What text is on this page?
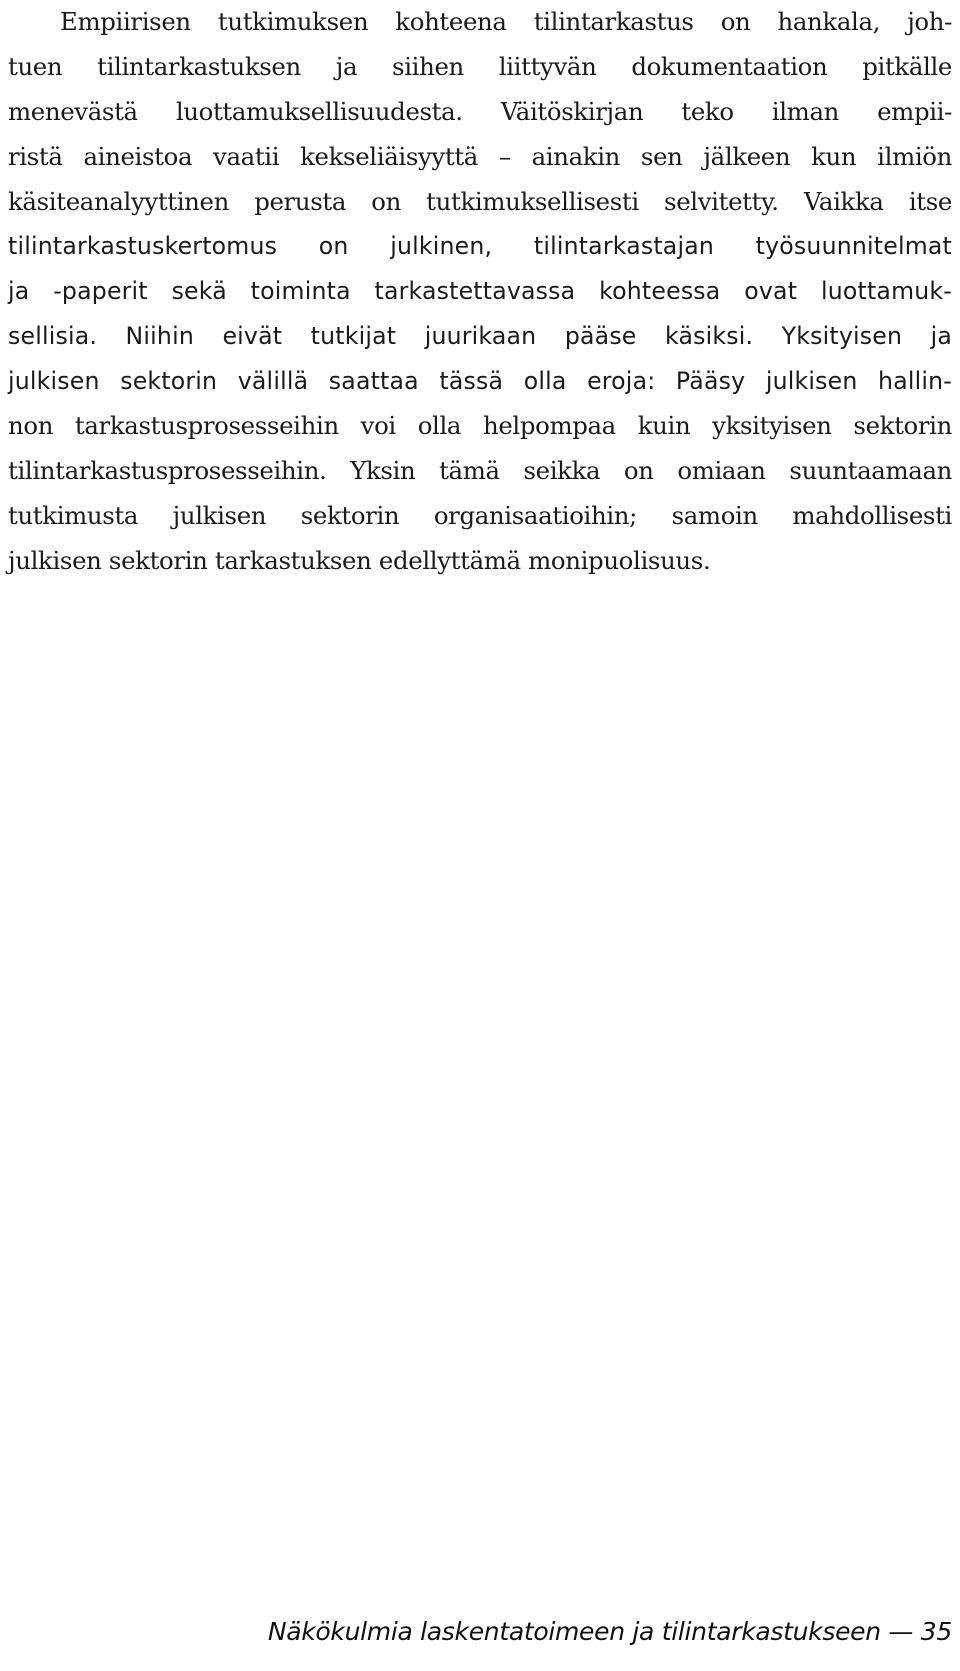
Empiirisen tutkimuksen kohteena tilintarkastus on hankala, joh-
tuen tilintarkastuksen ja siihen liittyvän dokumentaation pitkälle
menevästä luottamuksellisuudesta. Väitöskirjan teko ilman empii-
ristä aineistoa vaatii kekseliäisyyttä – ainakin sen jälkeen kun ilmiön
käsiteanalyyttinen perusta on tutkimuksellisesti selvitetty. Vaikka itse
tilintarkastuskertomus on julkinen, tilintarkastajan työsuunnitelmat
ja -paperit sekä toiminta tarkastettavassa kohteessa ovat luottamuk-
sellisia. Niihin eivät tutkijat juurikaan pääse käsiksi. Yksityisen ja
julkisen sektorin välillä saattaa tässä olla eroja: Pääsy julkisen hallin-
non tarkastusprosesseihin voi olla helpompaa kuin yksityisen sektorin
tilintarkastusprosesseihin. Yksin tämä seikka on omiaan suuntaamaan
tutkimusta julkisen sektorin organisaatioihin; samoin mahdollisesti
julkisen sektorin tarkastuksen edellyttämä monipuolisuus.
Näkökulmia laskentatoimeen ja tilintarkastukseen — 35
